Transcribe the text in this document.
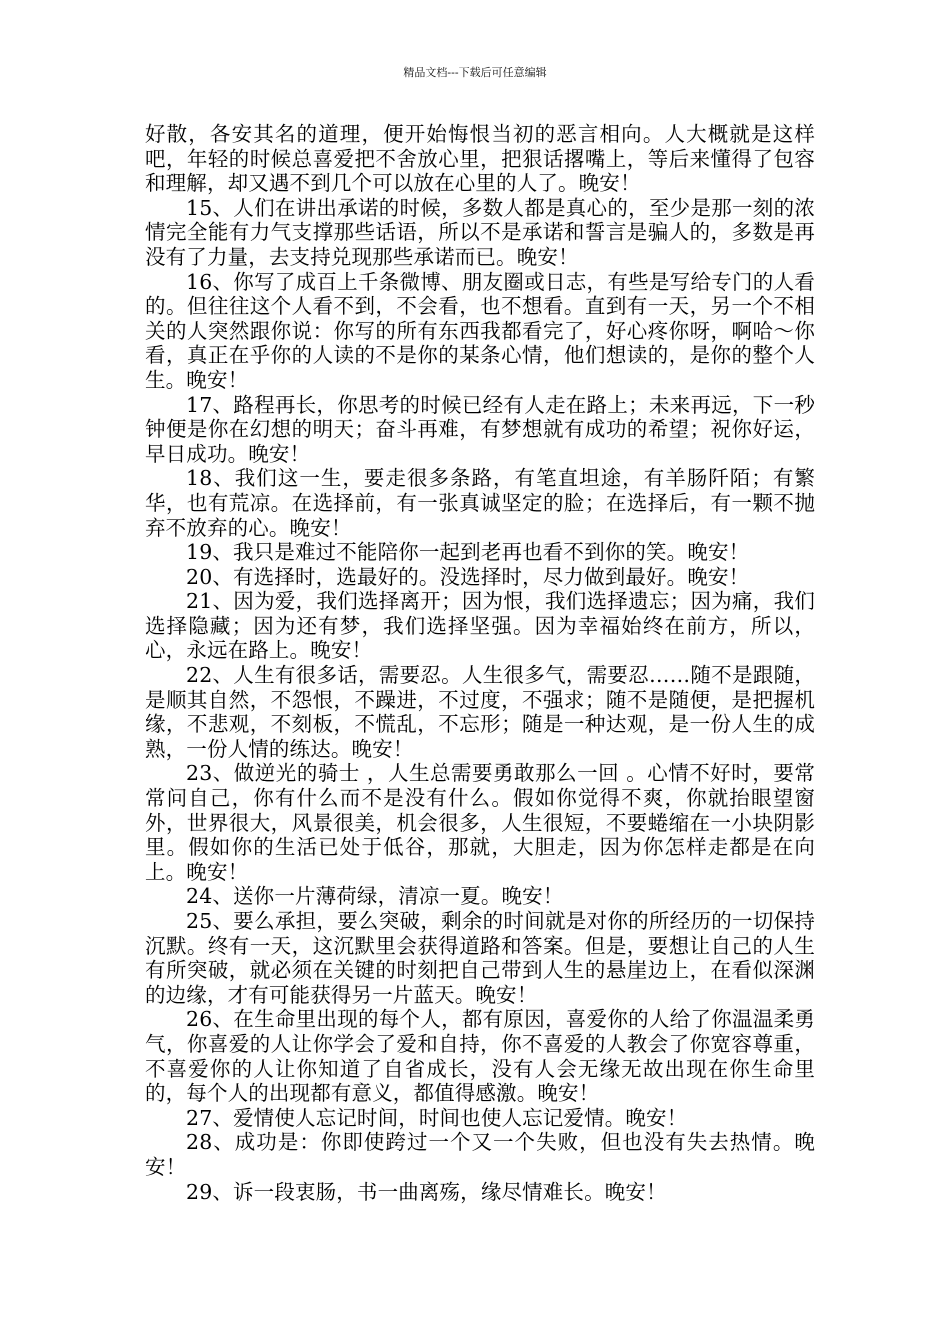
精品文档---下载后可任意编辑

好散，各安其名的道理，便开始悔恨当初的恶言相向。人大概就是这样吧，年轻的时候总喜爱把不舍放心里，把狠话撂嘴上，等后来懂得了包容和理解，却又遇不到几个可以放在心里的人了。晚安！

15、人们在讲出承诺的时候，多数人都是真心的，至少是那一刻的浓情完全能有力气支撑那些话语，所以不是承诺和誓言是骗人的，多数是再没有了力量，去支持兑现那些承诺而已。晚安！

16、你写了成百上千条微博、朋友圈或日志，有些是写给专门的人看的。但往往这个人看不到，不会看，也不想看。直到有一天，另一个不相关的人突然跟你说：你写的所有东西我都看完了，好心疼你呀，啊哈～你看，真正在乎你的人读的不是你的某条心情，他们想读的，是你的整个人生。晚安！

17、路程再长，你思考的时候已经有人走在路上；未来再远，下一秒钟便是你在幻想的明天；奋斗再难，有梦想就有成功的希望；祝你好运，早日成功。晚安！

18、我们这一生，要走很多条路，有笔直坦途，有羊肠阡陌；有繁华，也有荒凉。在选择前，有一张真诚坚定的脸；在选择后，有一颗不抛弃不放弃的心。晚安！

19、我只是难过不能陪你一起到老再也看不到你的笑。晚安！

20、有选择时，选最好的。没选择时，尽力做到最好。晚安！

21、因为爱，我们选择离开；因为恨，我们选择遗忘；因为痛，我们选择隐藏；因为还有梦，我们选择坚强。因为幸福始终在前方，所以，心，永远在路上。晚安！

22、人生有很多话，需要忍。人生很多气，需要忍……随不是跟随，是顺其自然，不怨恨，不躁进，不过度，不强求；随不是随便，是把握机缘，不悲观，不刻板，不慌乱，不忘形；随是一种达观，是一份人生的成熟，一份人情的练达。晚安！

23、做逆光的骑士 ，人生总需要勇敢那么一回 。心情不好时，要常常问自己，你有什么而不是没有什么。假如你觉得不爽，你就抬眼望窗外，世界很大，风景很美，机会很多，人生很短，不要蜷缩在一小块阴影里。假如你的生活已处于低谷，那就，大胆走，因为你怎样走都是在向上。晚安！

24、送你一片薄荷绿，清凉一夏。晚安！

25、要么承担，要么突破，剩余的时间就是对你的所经历的一切保持沉默。终有一天，这沉默里会获得道路和答案。但是，要想让自己的人生有所突破，就必须在关键的时刻把自己带到人生的悬崖边上，在看似深渊的边缘，才有可能获得另一片蓝天。晚安！

26、在生命里出现的每个人，都有原因，喜爱你的人给了你温温柔勇气，你喜爱的人让你学会了爱和自持，你不喜爱的人教会了你宽容尊重，不喜爱你的人让你知道了自省成长，没有人会无缘无故出现在你生命里的，每个人的出现都有意义，都值得感激。晚安！

27、爱情使人忘记时间，时间也使人忘记爱情。晚安！

28、成功是：你即使跨过一个又一个失败，但也没有失去热情。晚安！

29、诉一段衷肠，书一曲离殇，缘尽情难长。晚安！
